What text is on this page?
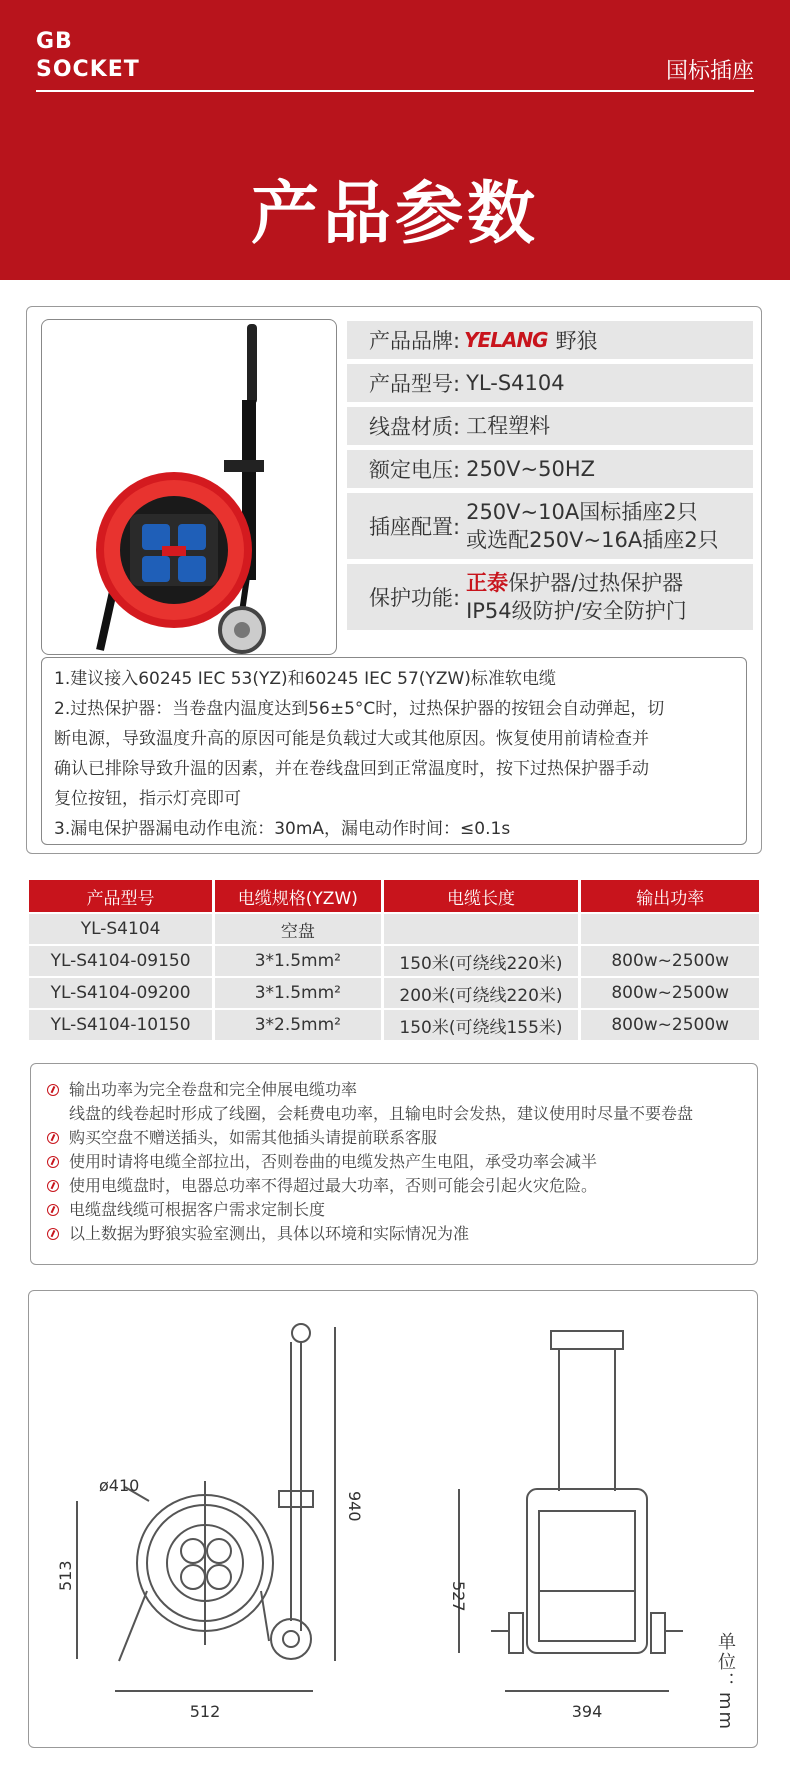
GB
SOCKET	国标插座
产品参数
产品品牌: YELANG 野狼
产品型号: YL-S4104
线盘材质: 工程塑料
额定电压: 250V~50HZ
插座配置:
250V~10A国标插座2只
或选配250V~16A插座2只
保护功能:
正泰保护器/过热保护器
IP54级防护/安全防护门
1.建议接入60245 IEC 53(YZ)和60245 IEC 57(YZW)标准软电缆
2.过热保护器：当卷盘内温度达到56±5°C时，过热保护器的按钮会自动弹起，切
断电源，导致温度升高的原因可能是负载过大或其他原因。恢复使用前请检查并
确认已排除导致升温的因素，并在卷线盘回到正常温度时，按下过热保护器手动
复位按钮，指示灯亮即可
3.漏电保护器漏电动作电流：30mA，漏电动作时间：≤0.1s
产品型号	电缆规格(YZW)	电缆长度	输出功率
YL-S4104	空盘		
YL-S4104-09150	3*1.5mm²	150米(可绕线220米)	800w~2500w
YL-S4104-09200	3*1.5mm²	200米(可绕线220米)	800w~2500w
YL-S4104-10150	3*2.5mm²	150米(可绕线155米)	800w~2500w
输出功率为完全卷盘和完全伸展电缆功率
线盘的线卷起时形成了线圈，会耗费电功率，且输电时会发热，建议使用时尽量不要卷盘
购买空盘不赠送插头，如需其他插头请提前联系客服
使用时请将电缆全部拉出，否则卷曲的电缆发热产生电阻，承受功率会减半
使用电缆盘时，电器总功率不得超过最大功率，否则可能会引起火灾危险。
电缆盘线缆可根据客户需求定制长度
以上数据为野狼实验室测出，具体以环境和实际情况为准
ø410
513
512
940
527
394	单位：mm
